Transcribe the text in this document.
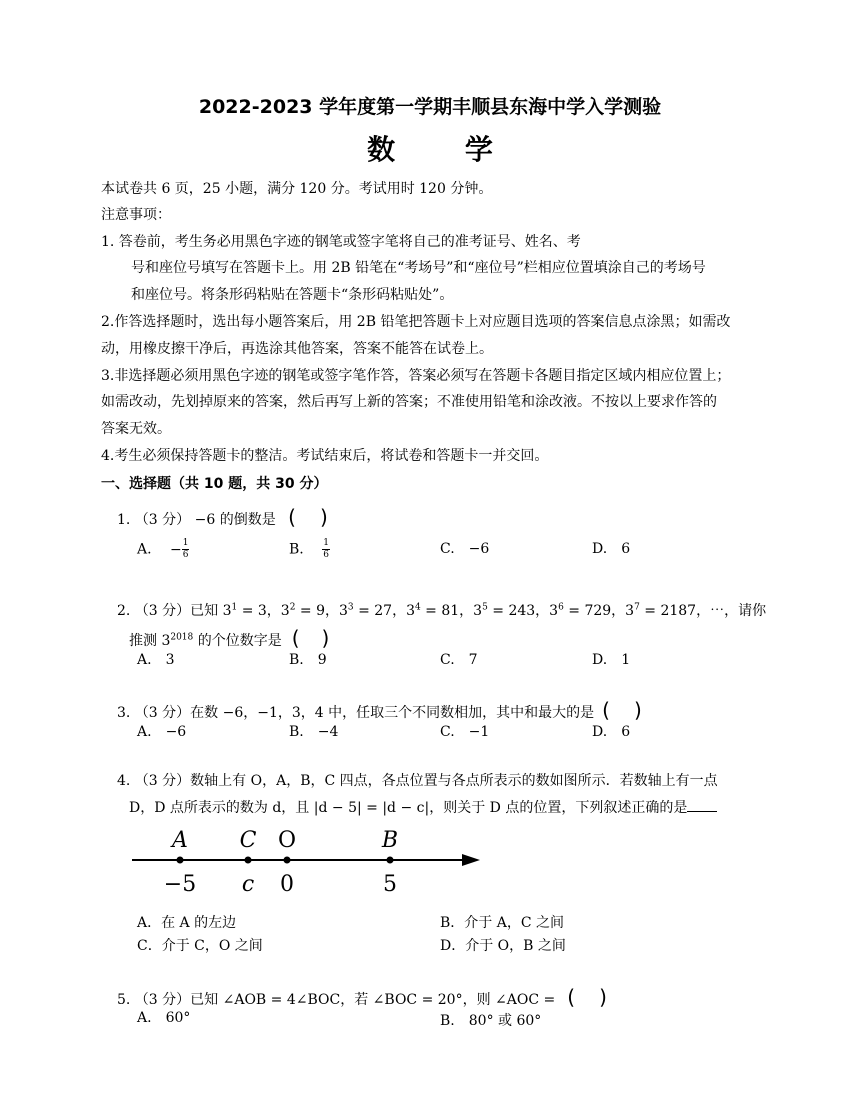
2022-2023 学年度第一学期丰顺县东海中学入学测验
数 学
本试卷共 6 页，25 小题，满分 120 分。考试用时 120 分钟。
注意事项：
1. 答卷前，考生务必用黑色字迹的钢笔或签字笔将自己的准考证号、姓名、考
号和座位号填写在答题卡上。用 2B 铅笔在“考场号”和“座位号”栏相应位置填涂自己的考场号
和座位号。将条形码粘贴在答题卡“条形码粘贴处”。
2.作答选择题时，选出每小题答案后，用 2B 铅笔把答题卡上对应题目选项的答案信息点涂黑；如需改
动，用橡皮擦干净后，再选涂其他答案，答案不能答在试卷上。
3.非选择题必须用黑色字迹的钢笔或签字笔作答，答案必须写在答题卡各题目指定区域内相应位置上；
如需改动，先划掉原来的答案，然后再写上新的答案；不准使用铅笔和涂改液。不按以上要求作答的
答案无效。
4.考生必须保持答题卡的整洁。考试结束后，将试卷和答题卡一并交回。
一、选择题（共 10 题，共 30 分）
1. （3 分） −6 的倒数是 ( )
A. − $\frac{1}{6}$	B. $\frac{1}{6}$	C. −6	D. 6
2. （3 分）已知 $3^1 = 3$，$3^2 = 9$，$3^3 = 27$，$3^4 = 81$，$3^5 = 243$，$3^6 = 729$，$3^7 = 2187$，⋯，请你
推测 $3^{2018}$ 的个位数字是 ( )
A. 3	B. 9	C. 7	D. 1
3. （3 分）在数 −6，−1，3，4 中，任取三个不同数相加，其中和最大的是 ( )
A. −6	B. −4	C. −1	D. 6
4. （3 分）数轴上有 O，A，B，C 四点，各点位置与各点所表示的数如图所示．若数轴上有一点
D，D 点所表示的数为 d，且 |d − 5| = |d − c|，则关于 D 点的位置，下列叙述正确的是
A
−5
C
c
O
0
B
5
A．在 A 的左边	B．介于 A，C 之间
C．介于 C，O 之间	D．介于 O，B 之间
5. （3 分）已知 ∠AOB = 4∠BOC，若 ∠BOC = 20°，则 ∠AOC = ( )
A. 60°	B. 80° 或 60°
